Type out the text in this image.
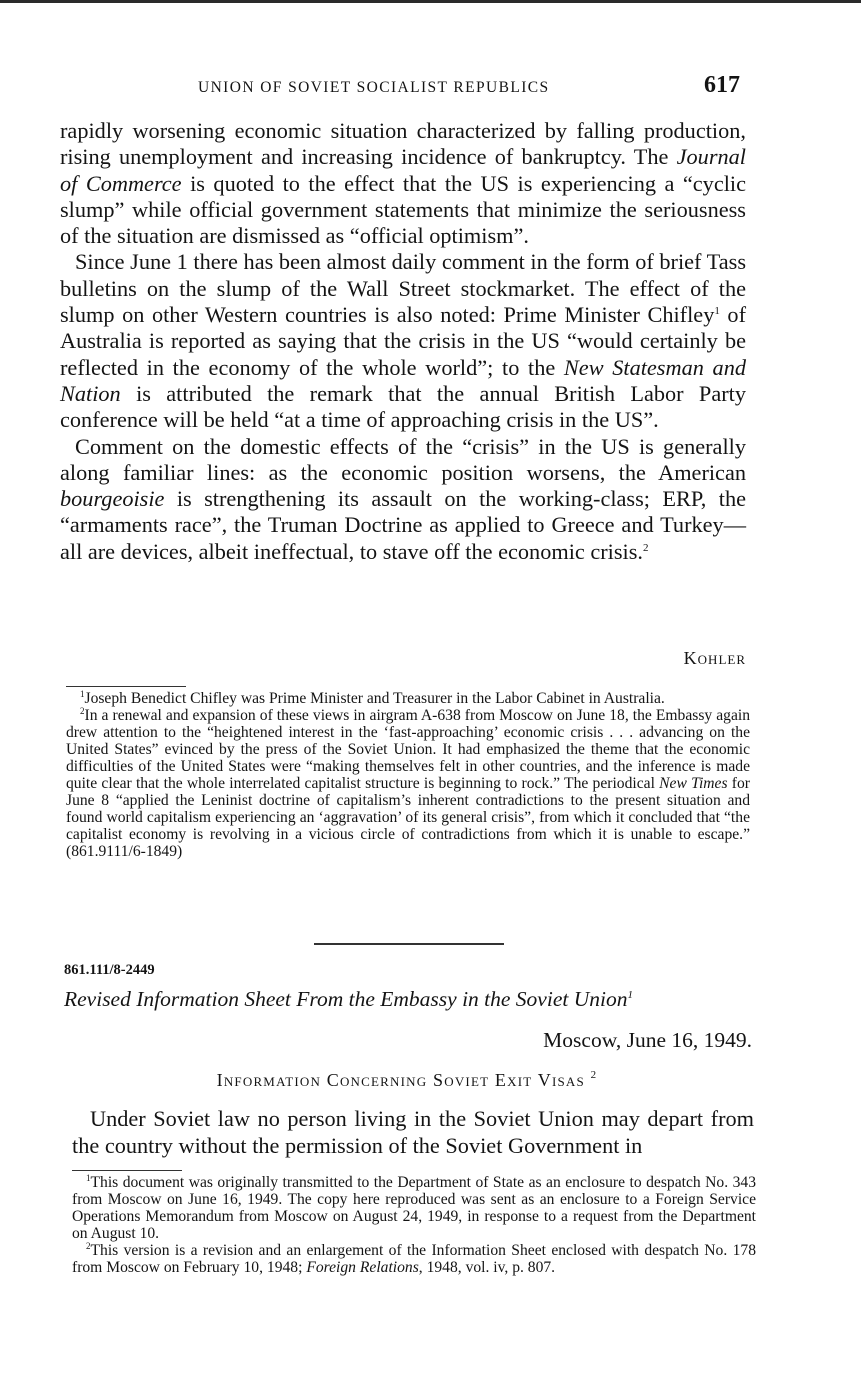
UNION OF SOVIET SOCIALIST REPUBLICS	617

rapidly worsening economic situation characterized by falling production, rising unemployment and increasing incidence of bankruptcy. The Journal of Commerce is quoted to the effect that the US is experiencing a “cyclic slump” while official government statements that minimize the seriousness of the situation are dismissed as “official optimism”.

Since June 1 there has been almost daily comment in the form of brief Tass bulletins on the slump of the Wall Street stockmarket. The effect of the slump on other Western countries is also noted: Prime Minister Chifley$^1$ of Australia is reported as saying that the crisis in the US “would certainly be reflected in the economy of the whole world”; to the New Statesman and Nation is attributed the remark that the annual British Labor Party conference will be held “at a time of approaching crisis in the US”.

Comment on the domestic effects of the “crisis” in the US is generally along familiar lines: as the economic position worsens, the American bourgeoisie is strengthening its assault on the working-class; ERP, the “armaments race”, the Truman Doctrine as applied to Greece and Turkey—all are devices, albeit ineffectual, to stave off the economic crisis.$^2$

Kohler

$^1$Joseph Benedict Chifley was Prime Minister and Treasurer in the Labor Cabinet in Australia.

$^2$In a renewal and expansion of these views in airgram A-638 from Moscow on June 18, the Embassy again drew attention to the “heightened interest in the ‘fast-approaching’ economic crisis . . . advancing on the United States” evinced by the press of the Soviet Union. It had emphasized the theme that the economic difficulties of the United States were “making themselves felt in other countries, and the inference is made quite clear that the whole interrelated capitalist structure is beginning to rock.” The periodical New Times for June 8 “applied the Leninist doctrine of capitalism’s inherent contradictions to the present situation and found world capitalism experiencing an ‘aggravation’ of its general crisis”, from which it concluded that “the capitalist economy is revolving in a vicious circle of contradictions from which it is unable to escape.” (861.9111/6-1849)

861.111/8-2449
Revised Information Sheet From the Embassy in the Soviet Union$^1$
Moscow, June 16, 1949.
Information Concerning Soviet Exit Visas $^2$

Under Soviet law no person living in the Soviet Union may depart from the country without the permission of the Soviet Government in

$^1$This document was originally transmitted to the Department of State as an enclosure to despatch No. 343 from Moscow on June 16, 1949. The copy here reproduced was sent as an enclosure to a Foreign Service Operations Memorandum from Moscow on August 24, 1949, in response to a request from the Department on August 10.

$^2$This version is a revision and an enlargement of the Information Sheet enclosed with despatch No. 178 from Moscow on February 10, 1948; Foreign Relations, 1948, vol. iv, p. 807.
